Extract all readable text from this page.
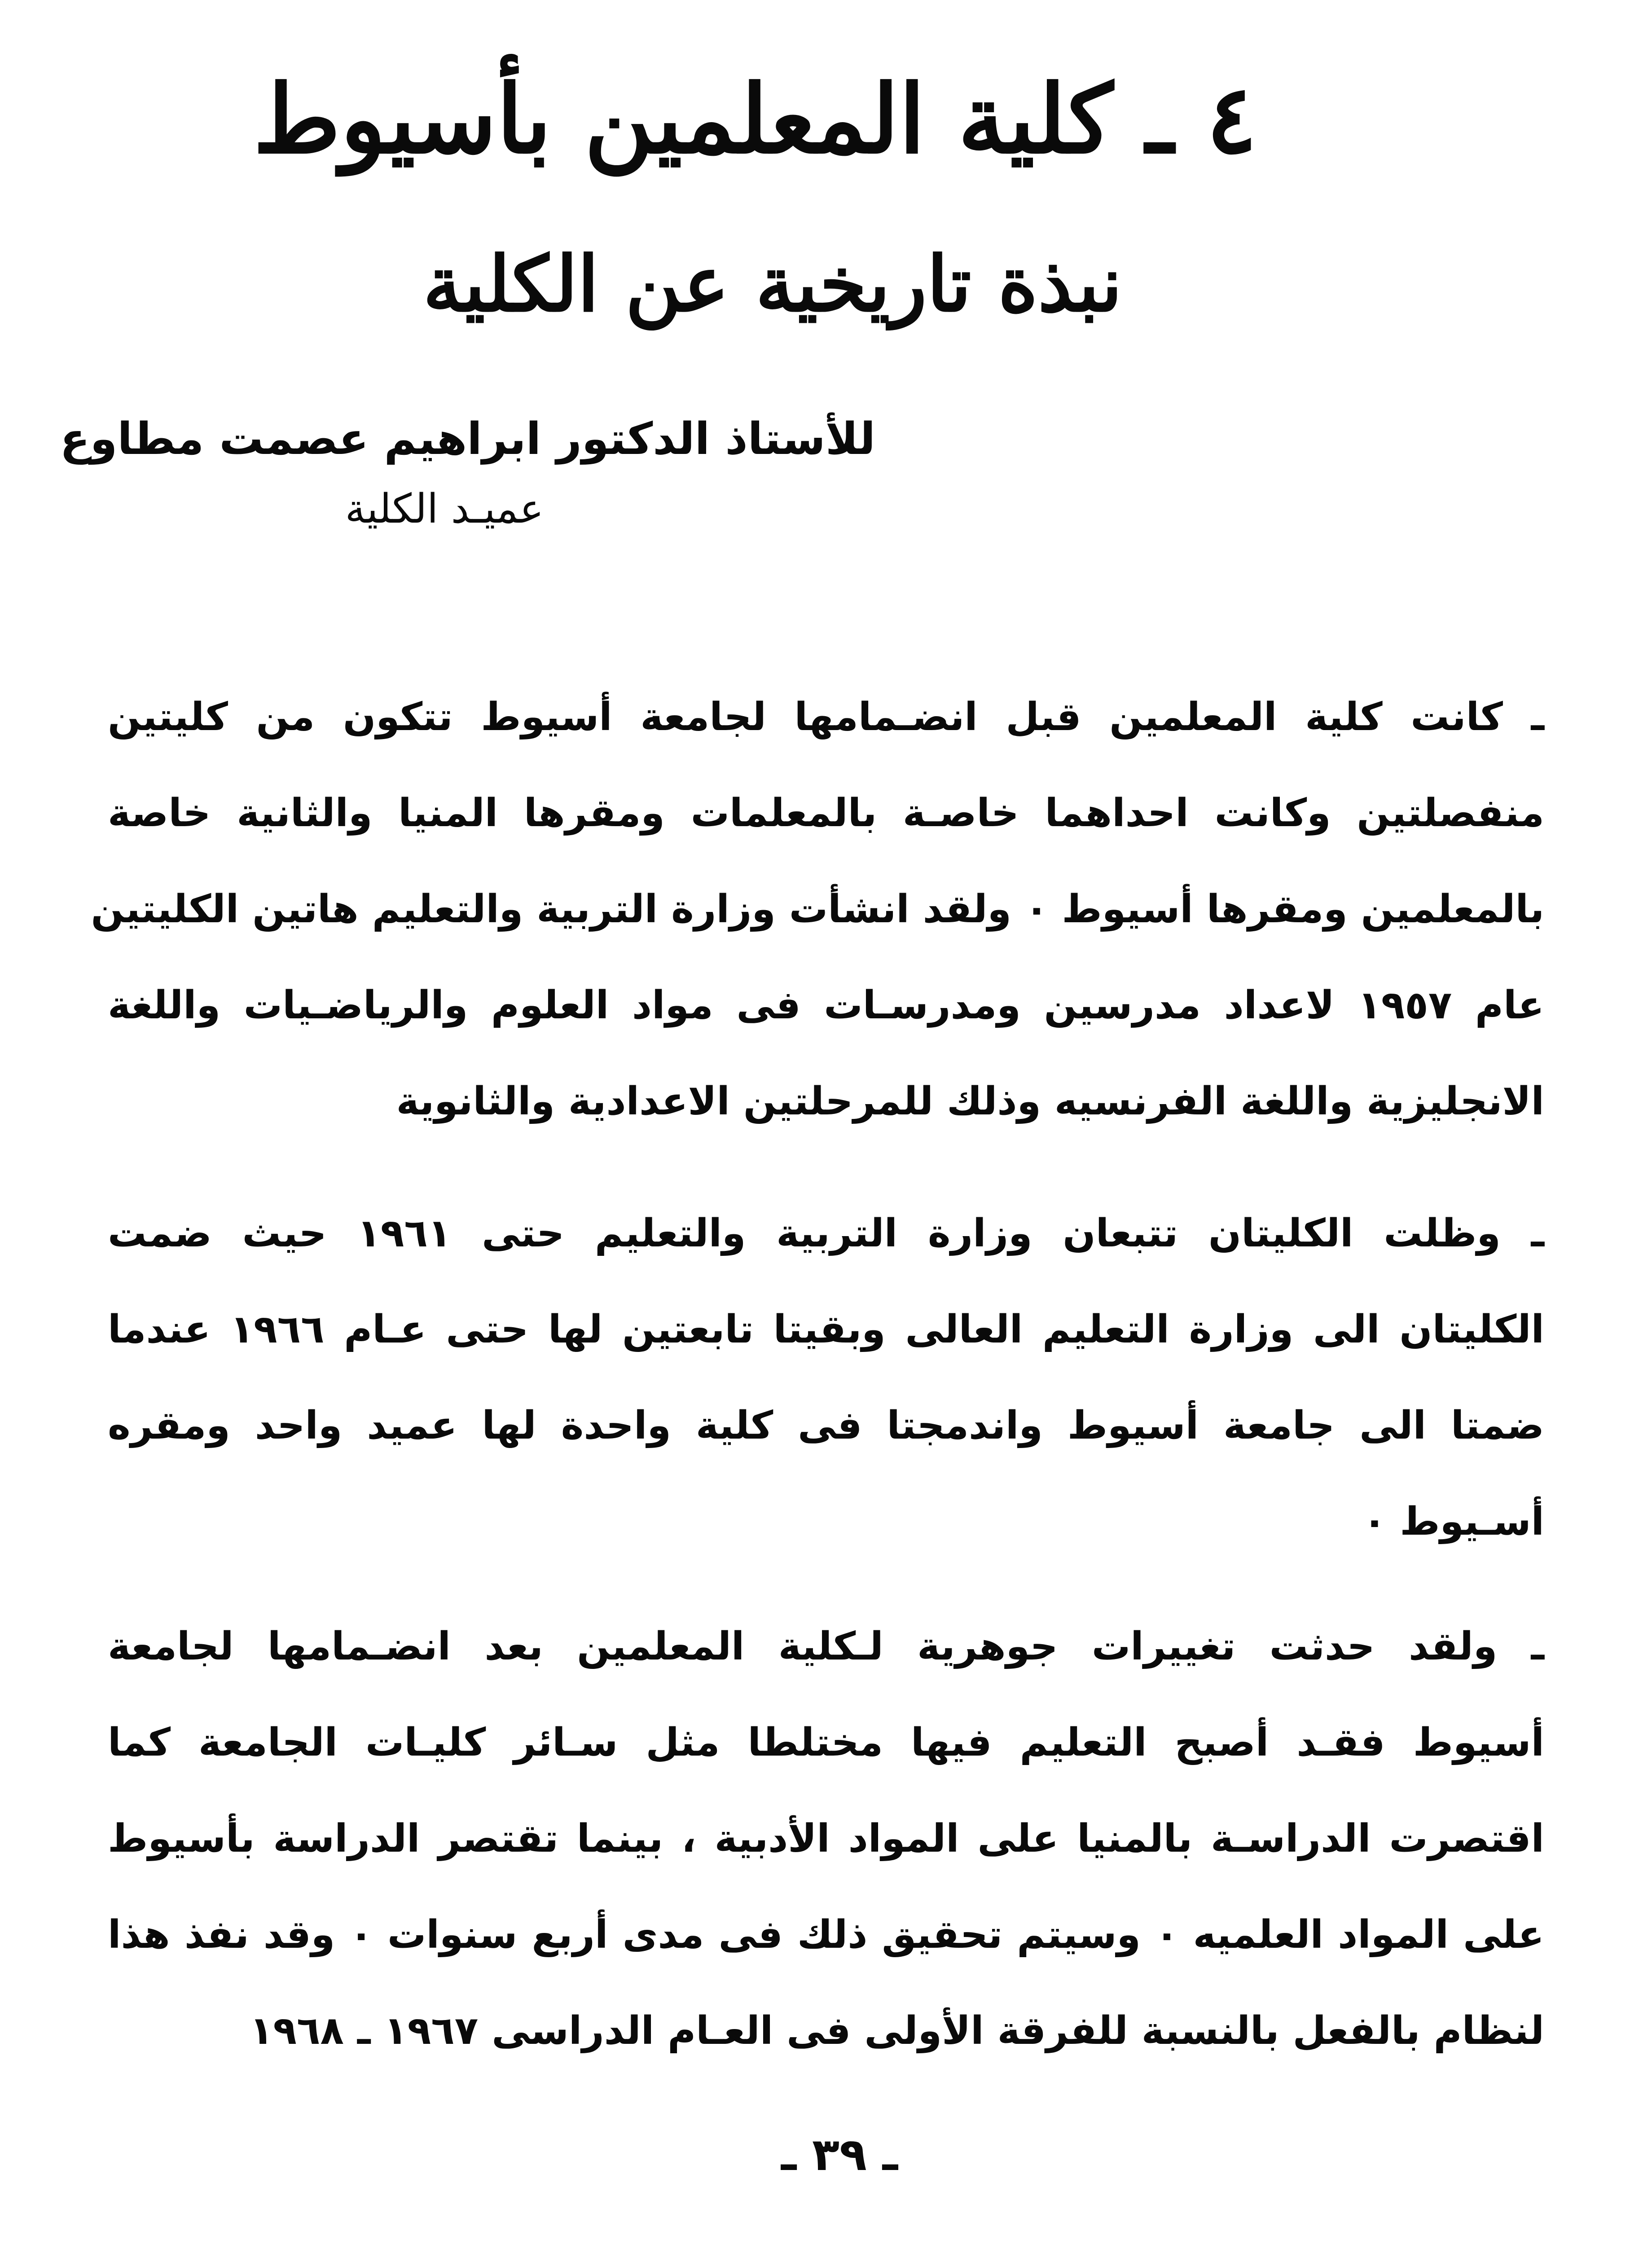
٤ ـ كلية المعلمين بأسيوط
نبذة تاريخية عن الكلية
للأستاذ الدكتور ابراهيم عصمت مطاوع
عميـد الكلية
ـ كانت كلية المعلمين قبل انضـمامها لجامعة أسيوط تتكون من كليتين
منفصلتين وكانت احداهما خاصـة بالمعلمات ومقرها المنيا والثانية خاصة
بالمعلمين ومقرها أسيوط ٠ ولقد انشأت وزارة التربية والتعليم هاتين الكليتين
عام ١٩٥٧ لاعداد مدرسين ومدرسـات فى مواد العلوم والرياضـيات واللغة
الانجليزية واللغة الفرنسيه وذلك للمرحلتين الاعدادية والثانوية
ـ وظلت الكليتان تتبعان وزارة التربية والتعليم حتى ١٩٦١ حيث ضمت
الكليتان الى وزارة التعليم العالى وبقيتا تابعتين لها حتى عـام ١٩٦٦ عندما
ضمتا الى جامعة أسيوط واندمجتا فى كلية واحدة لها عميد واحد ومقره
أسـيوط ٠
ـ ولقد حدثت تغييرات جوهرية لـكلية المعلمين بعد انضـمامها لجامعة
أسيوط فقـد أصبح التعليم فيها مختلطا مثل سـائر كليـات الجامعة كما
اقتصرت الدراسـة بالمنيا على المواد الأدبية ، بينما تقتصر الدراسة بأسيوط
على المواد العلميه ٠ وسيتم تحقيق ذلك فى مدى أربع سنوات ٠ وقد نفذ هذا
لنظام بالفعل بالنسبة للفرقة الأولى فى العـام الدراسى ١٩٦٧ ـ ١٩٦٨
ـ ٣٩ ـ
